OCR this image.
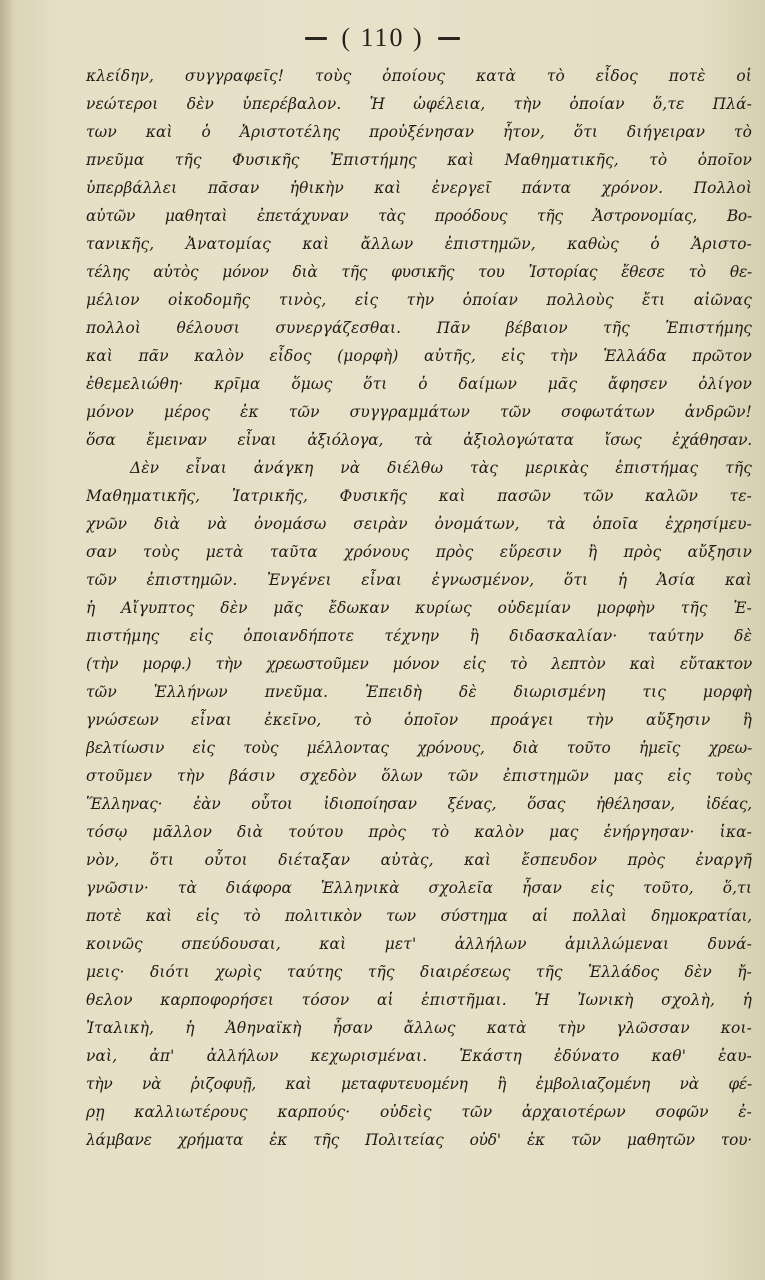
( 110 )
κλείδην, συγγραφεῖς! τοὺς ὁποίους κατὰ τὸ εἶδος ποτὲ οἱ
νεώτεροι δὲν ὑπερέβαλον. Ἡ ὠφέλεια, τὴν ὁποίαν ὅ,τε Πλά-
των καὶ ὁ Ἀριστοτέλης προὐξένησαν ἦτον, ὅτι διήγειραν τὸ
πνεῦμα τῆς Φυσικῆς Ἐπιστήμης καὶ Μαθηματικῆς, τὸ ὁποῖον
ὑπερβάλλει πᾶσαν ἠθικὴν καὶ ἐνεργεῖ πάντα χρόνον. Πολλοὶ
αὐτῶν μαθηταὶ ἐπετάχυναν τὰς προόδους τῆς Ἀστρονομίας, Βο-
τανικῆς, Ἀνατομίας καὶ ἄλλων ἐπιστημῶν, καθὼς ὁ Ἀριστο-
τέλης αὐτὸς μόνον διὰ τῆς φυσικῆς του Ἱστορίας ἔθεσε τὸ θε-
μέλιον οἰκοδομῆς τινὸς, εἰς τὴν ὁποίαν πολλοὺς ἔτι αἰῶνας
πολλοὶ θέλουσι συνεργάζεσθαι. Πᾶν βέβαιον τῆς Ἐπιστήμης
καὶ πᾶν καλὸν εἶδος (μορφὴ) αὐτῆς, εἰς τὴν Ἑλλάδα πρῶτον
ἐθεμελιώθη· κρῖμα ὅμως ὅτι ὁ δαίμων μᾶς ἄφησεν ὀλίγον
μόνον μέρος ἐκ τῶν συγγραμμάτων τῶν σοφωτάτων ἀνδρῶν!
ὅσα ἔμειναν εἶναι ἀξιόλογα, τὰ ἀξιολογώτατα ἴσως ἐχάθησαν.
Δὲν εἶναι ἀνάγκη νὰ διέλθω τὰς μερικὰς ἐπιστήμας τῆς
Μαθηματικῆς, Ἰατρικῆς, Φυσικῆς καὶ πασῶν τῶν καλῶν τε-
χνῶν διὰ νὰ ὀνομάσω σειρὰν ὀνομάτων, τὰ ὁποῖα ἐχρησίμευ-
σαν τοὺς μετὰ ταῦτα χρόνους πρὸς εὕρεσιν ἢ πρὸς αὔξησιν
τῶν ἐπιστημῶν. Ἐνγένει εἶναι ἐγνωσμένον, ὅτι ἡ Ἀσία καὶ
ἡ Αἴγυπτος δὲν μᾶς ἔδωκαν κυρίως οὐδεμίαν μορφὴν τῆς Ἐ-
πιστήμης εἰς ὁποιανδήποτε τέχνην ἢ διδασκαλίαν· ταύτην δὲ
(τὴν μορφ.) τὴν χρεωστοῦμεν μόνον εἰς τὸ λεπτὸν καὶ εὔτακτον
τῶν Ἑλλήνων πνεῦμα. Ἐπειδὴ δὲ διωρισμένη τις μορφὴ
γνώσεων εἶναι ἐκεῖνο, τὸ ὁποῖον προάγει τὴν αὔξησιν ἢ
βελτίωσιν εἰς τοὺς μέλλοντας χρόνους, διὰ τοῦτο ἡμεῖς χρεω-
στοῦμεν τὴν βάσιν σχεδὸν ὅλων τῶν ἐπιστημῶν μας εἰς τοὺς
Ἕλληνας· ἐὰν οὗτοι ἰδιοποίησαν ξένας, ὅσας ἠθέλησαν, ἰδέας,
τόσῳ μᾶλλον διὰ τούτου πρὸς τὸ καλὸν μας ἐνήργησαν· ἱκα-
νὸν, ὅτι οὗτοι διέταξαν αὐτὰς, καὶ ἔσπευδον πρὸς ἐναργῆ
γνῶσιν· τὰ διάφορα Ἑλληνικὰ σχολεῖα ἦσαν εἰς τοῦτο, ὅ,τι
ποτὲ καὶ εἰς τὸ πολιτικὸν των σύστημα αἱ πολλαὶ δημοκρατίαι,
κοινῶς σπεύδουσαι, καὶ μετ' ἀλλήλων ἁμιλλώμεναι δυνά-
μεις· διότι χωρὶς ταύτης τῆς διαιρέσεως τῆς Ἑλλάδος δὲν ἤ-
θελον καρποφορήσει τόσον αἱ ἐπιστῆμαι. Ἡ Ἰωνικὴ σχολὴ, ἡ
Ἰταλικὴ, ἡ Ἀθηναϊκὴ ἦσαν ἄλλως κατὰ τὴν γλῶσσαν κοι-
ναὶ, ἀπ' ἀλλήλων κεχωρισμέναι. Ἑκάστη ἐδύνατο καθ' ἑαυ-
τὴν νὰ ῥιζοφυῇ, καὶ μεταφυτευομένη ἢ ἐμβολιαζομένη νὰ φέ-
ρῃ καλλιωτέρους καρπούς· οὐδεὶς τῶν ἀρχαιοτέρων σοφῶν ἐ-
λάμβανε χρήματα ἐκ τῆς Πολιτείας οὐδ' ἐκ τῶν μαθητῶν του·
